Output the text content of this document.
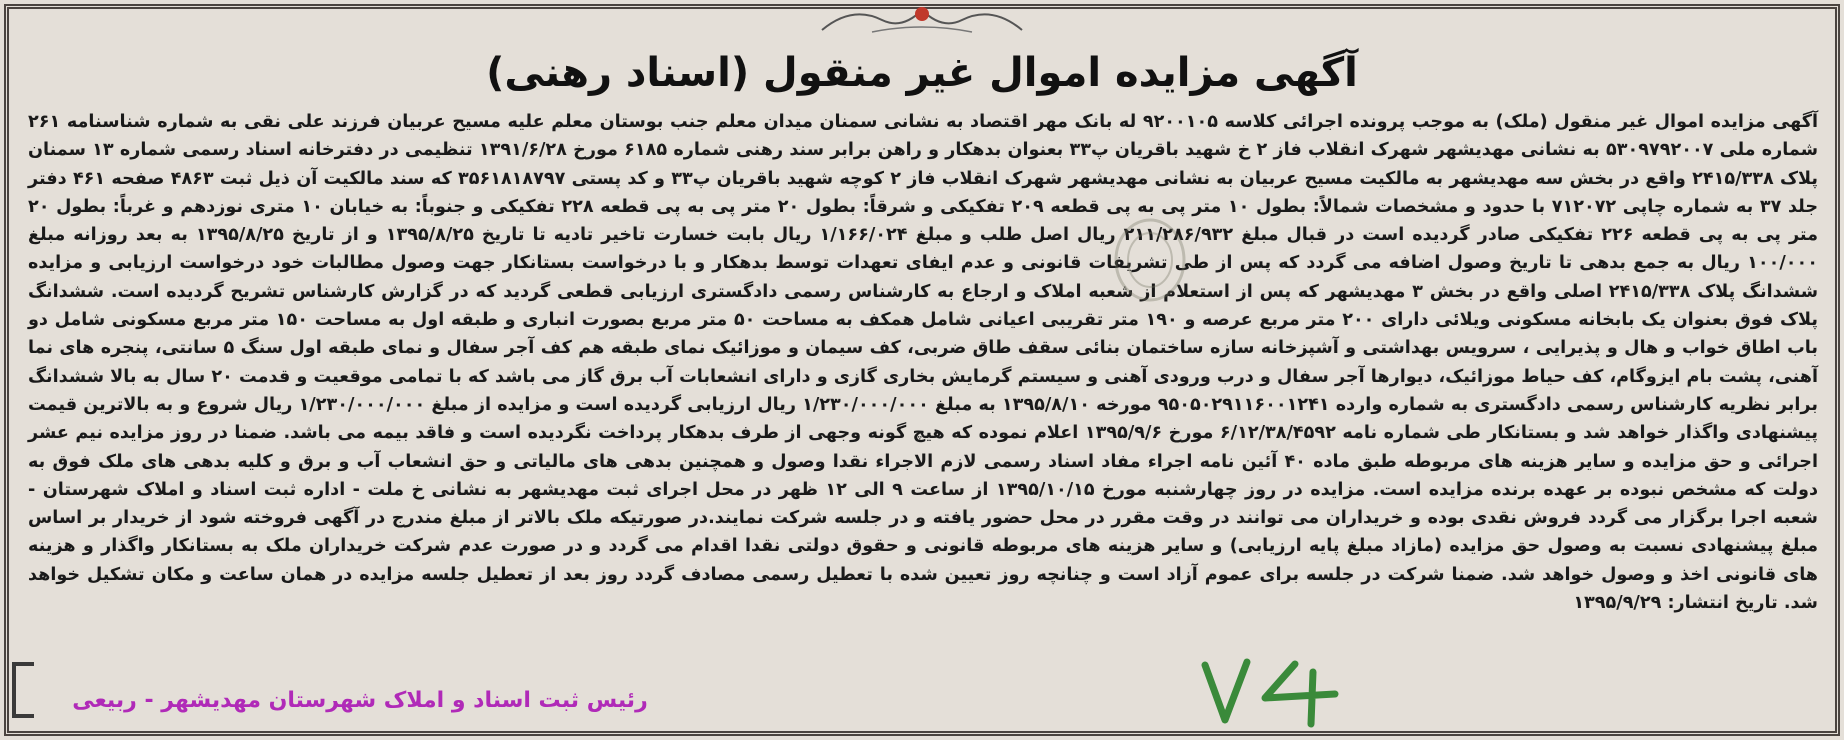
آگهی مزایده اموال غیر منقول (اسناد رهنی)
آگهی مزایده اموال غیر منقول (ملک) به موجب پرونده اجرائی کلاسه ۹۲۰۰۱۰۵ له بانک مهر اقتصاد به نشانی سمنان میدان معلم جنب بوستان معلم علیه مسیح عربیان فرزند علی نقی به شماره شناسنامه ۲۶۱ شماره ملی ۵۳۰۹۷۹۲۰۰۷ به نشانی مهدیشهر شهرک انقلاب فاز ۲ خ شهید باقریان پ۳۳ بعنوان بدهکار و راهن برابر سند رهنی شماره ۶۱۸۵ مورخ ۱۳۹۱/۶/۲۸ تنظیمی در دفترخانه اسناد رسمی شماره ۱۳ سمنان پلاک ۲۴۱۵/۳۳۸ واقع در بخش سه مهدیشهر به مالکیت مسیح عربیان به نشانی مهدیشهر شهرک انقلاب فاز ۲ کوچه شهید باقریان پ۳۳ و کد پستی ۳۵۶۱۸۱۸۷۹۷ که سند مالکیت آن ذیل ثبت ۴۸۶۳ صفحه ۴۶۱ دفتر جلد ۳۷ به شماره چاپی ۷۱۲۰۷۲ با حدود و مشخصات شمالاً: بطول ۱۰ متر پی به پی قطعه ۲۰۹ تفکیکی و شرقاً: بطول ۲۰ متر پی به پی قطعه ۲۲۸ تفکیکی و جنوباً: به خیابان ۱۰ متری نوزدهم و غرباً: بطول ۲۰ متر پی به پی قطعه ۲۲۶ تفکیکی صادر گردیده است در قبال مبلغ ۲۱۱/۲۸۶/۹۳۲ ریال اصل طلب و مبلغ ۱/۱۶۶/۰۲۴ ریال بابت خسارت تاخیر تادیه تا تاریخ ۱۳۹۵/۸/۲۵ و از تاریخ ۱۳۹۵/۸/۲۵ به بعد روزانه مبلغ ۱۰۰/۰۰۰ ریال به جمع بدهی تا تاریخ وصول اضافه می گردد که پس از طی تشریفات قانونی و عدم ایفای تعهدات توسط بدهکار و با درخواست بستانکار جهت وصول مطالبات خود درخواست ارزیابی و مزایده ششدانگ پلاک ۲۴۱۵/۳۳۸ اصلی واقع در بخش ۳ مهدیشهر که پس از استعلام از شعبه املاک و ارجاع به کارشناس رسمی دادگستری ارزیابی قطعی گردید که در گزارش کارشناس تشریح گردیده است. ششدانگ پلاک فوق بعنوان یک بابخانه مسکونی ویلائی دارای ۲۰۰ متر مربع عرصه و ۱۹۰ متر تقریبی اعیانی شامل همکف به مساحت ۵۰ متر مربع بصورت انباری و طبقه اول به مساحت ۱۵۰ متر مربع مسکونی شامل دو باب اطاق خواب و هال و پذیرایی ، سرویس بهداشتی و آشپزخانه سازه ساختمان بنائی سقف طاق ضربی، کف سیمان و موزائیک نمای طبقه هم کف آجر سفال و نمای طبقه اول سنگ ۵ سانتی، پنجره های نما آهنی، پشت بام ایزوگام، کف حیاط موزائیک، دیوارها آجر سفال و درب ورودی آهنی و سیستم گرمایش بخاری گازی و دارای انشعابات آب برق گاز می باشد که با تمامی موقعیت و قدمت ۲۰ سال به بالا ششدانگ برابر نظریه کارشناس رسمی دادگستری به شماره وارده ۹۵۰۵۰۲۹۱۱۶۰۰۱۲۴۱ مورخه ۱۳۹۵/۸/۱۰ به مبلغ ۱/۲۳۰/۰۰۰/۰۰۰ ریال ارزیابی گردیده است و مزایده از مبلغ ۱/۲۳۰/۰۰۰/۰۰۰ ریال شروع و به بالاترین قیمت پیشنهادی واگذار خواهد شد و بستانکار طی شماره نامه ۶/۱۲/۳۸/۴۵۹۲ مورخ ۱۳۹۵/۹/۶ اعلام نموده که هیچ گونه وجهی از طرف بدهکار پرداخت نگردیده است و فاقد بیمه می باشد. ضمنا در روز مزایده نیم عشر اجرائی و حق مزایده و سایر هزینه های مربوطه طبق ماده ۴۰ آئین نامه اجراء مفاد اسناد رسمی لازم الاجراء نقدا وصول و همچنین بدهی های مالیاتی و حق انشعاب آب و برق و کلیه بدهی های ملک فوق به دولت که مشخص نبوده بر عهده برنده مزایده است. مزایده در روز چهارشنبه مورخ ۱۳۹۵/۱۰/۱۵ از ساعت ۹ الی ۱۲ ظهر در محل اجرای ثبت مهدیشهر به نشانی خ ملت - اداره ثبت اسناد و املاک شهرستان - شعبه اجرا برگزار می گردد فروش نقدی بوده و خریداران می توانند در وقت مقرر در محل حضور یافته و در جلسه شرکت نمایند.در صورتیکه ملک بالاتر از مبلغ مندرج در آگهی فروخته شود از خریدار بر اساس مبلغ پیشنهادی نسبت به وصول حق مزایده (مازاد مبلغ پایه ارزیابی) و سایر هزینه های مربوطه قانونی و حقوق دولتی نقدا اقدام می گردد و در صورت عدم شرکت خریداران ملک به بستانکار واگذار و هزینه های قانونی اخذ و وصول خواهد شد. ضمنا شرکت در جلسه برای عموم آزاد است و چنانچه روز تعیین شده با تعطیل رسمی مصادف گردد روز بعد از تعطیل جلسه مزایده در همان ساعت و مکان تشکیل خواهد شد. تاریخ انتشار: ۱۳۹۵/۹/۲۹
رئیس ثبت اسناد و املاک شهرستان مهدیشهر - ربیعی
